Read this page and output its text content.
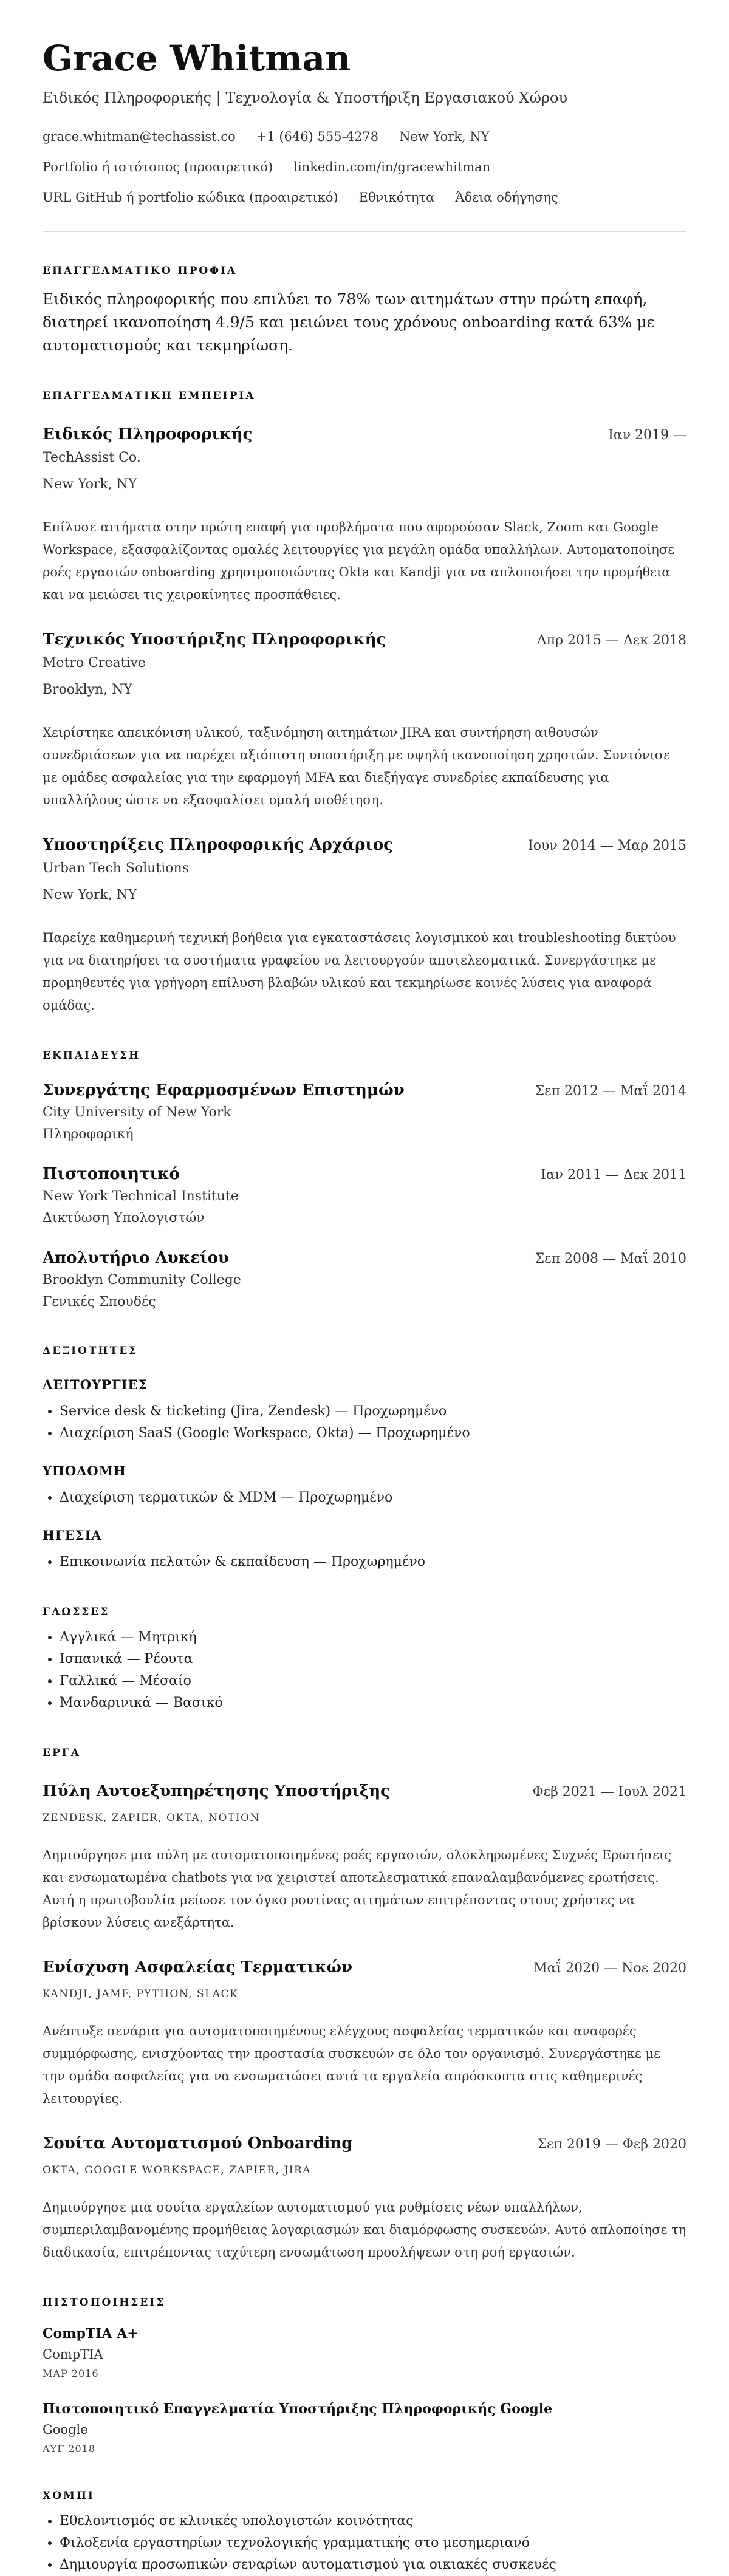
Grace Whitman
Ειδικός Πληροφορικής | Τεχνολογία & Υποστήριξη Εργασιακού Χώρου
grace.whitman@techassist.co +1 (646) 555-4278 New York, NY
Portfolio ή ιστότοπος (προαιρετικό) linkedin.com/in/gracewhitman
URL GitHub ή portfolio κώδικα (προαιρετικό) Εθνικότητα Άδεια οδήγησης
ΕΠΑΓΓΕΛΜΑΤΙΚΟ ΠΡΟΦΙΛ
Ειδικός πληροφορικής που επιλύει το 78% των αιτημάτων στην πρώτη επαφή, διατηρεί ικανοποίηση 4.9/5 και μειώνει τους χρόνους onboarding κατά 63% με αυτοματισμούς και τεκμηρίωση.
ΕΠΑΓΓΕΛΜΑΤΙΚΗ ΕΜΠΕΙΡΙΑ
Ειδικός Πληροφορικής	Ιαν 2019 —
TechAssist Co.
New York, NY
Επίλυσε αιτήματα στην πρώτη επαφή για προβλήματα που αφορούσαν Slack, Zoom και Google Workspace, εξασφαλίζοντας ομαλές λειτουργίες για μεγάλη ομάδα υπαλλήλων. Αυτοματοποίησε ροές εργασιών onboarding χρησιμοποιώντας Okta και Kandji για να απλοποιήσει την προμήθεια και να μειώσει τις χειροκίνητες προσπάθειες.
Τεχνικός Υποστήριξης Πληροφορικής	Απρ 2015 — Δεκ 2018
Metro Creative
Brooklyn, NY
Χειρίστηκε απεικόνιση υλικού, ταξινόμηση αιτημάτων JIRA και συντήρηση αιθουσών συνεδριάσεων για να παρέχει αξιόπιστη υποστήριξη με υψηλή ικανοποίηση χρηστών. Συντόνισε με ομάδες ασφαλείας για την εφαρμογή MFA και διεξήγαγε συνεδρίες εκπαίδευσης για υπαλλήλους ώστε να εξασφαλίσει ομαλή υιοθέτηση.
Υποστηρίξεις Πληροφορικής Αρχάριος	Ιουν 2014 — Μαρ 2015
Urban Tech Solutions
New York, NY
Παρείχε καθημερινή τεχνική βοήθεια για εγκαταστάσεις λογισμικού και troubleshooting δικτύου για να διατηρήσει τα συστήματα γραφείου να λειτουργούν αποτελεσματικά. Συνεργάστηκε με προμηθευτές για γρήγορη επίλυση βλαβών υλικού και τεκμηρίωσε κοινές λύσεις για αναφορά ομάδας.
ΕΚΠΑΙΔΕΥΣΗ
Συνεργάτης Εφαρμοσμένων Επιστημών	Σεπ 2012 — Μαΐ 2014
City University of New York
Πληροφορική
Πιστοποιητικό	Ιαν 2011 — Δεκ 2011
New York Technical Institute
Δικτύωση Υπολογιστών
Απολυτήριο Λυκείου	Σεπ 2008 — Μαΐ 2010
Brooklyn Community College
Γενικές Σπουδές
ΔΕΞΙΟΤΗΤΕΣ
ΛΕΙΤΟΥΡΓΙΕΣ
• Service desk & ticketing (Jira, Zendesk) — Προχωρημένο
• Διαχείριση SaaS (Google Workspace, Okta) — Προχωρημένο
ΥΠΟΔΟΜΗ
• Διαχείριση τερματικών & MDM — Προχωρημένο
ΗΓΕΣΙΑ
• Επικοινωνία πελατών & εκπαίδευση — Προχωρημένο
ΓΛΩΣΣΕΣ
• Αγγλικά — Μητρική
• Ισπανικά — Ρέουτα
• Γαλλικά — Μέσαίο
• Μανδαρινικά — Βασικό
ΕΡΓΑ
Πύλη Αυτοεξυπηρέτησης Υποστήριξης	Φεβ 2021 — Ιουλ 2021
ZENDESK, ZAPIER, OKTA, NOTION
Δημιούργησε μια πύλη με αυτοματοποιημένες ροές εργασιών, ολοκληρωμένες Συχνές Ερωτήσεις και ενσωματωμένα chatbots για να χειριστεί αποτελεσματικά επαναλαμβανόμενες ερωτήσεις. Αυτή η πρωτοβουλία μείωσε τον όγκο ρουτίνας αιτημάτων επιτρέποντας στους χρήστες να βρίσκουν λύσεις ανεξάρτητα.
Ενίσχυση Ασφαλείας Τερματικών	Μαΐ 2020 — Νοε 2020
KANDJI, JAMF, PYTHON, SLACK
Ανέπτυξε σενάρια για αυτοματοποιημένους ελέγχους ασφαλείας τερματικών και αναφορές συμμόρφωσης, ενισχύοντας την προστασία συσκευών σε όλο τον οργανισμό. Συνεργάστηκε με την ομάδα ασφαλείας για να ενσωματώσει αυτά τα εργαλεία απρόσκοπτα στις καθημερινές λειτουργίες.
Σουίτα Αυτοματισμού Onboarding	Σεπ 2019 — Φεβ 2020
OKTA, GOOGLE WORKSPACE, ZAPIER, JIRA
Δημιούργησε μια σουίτα εργαλείων αυτοματισμού για ρυθμίσεις νέων υπαλλήλων, συμπεριλαμβανομένης προμήθειας λογαριασμών και διαμόρφωσης συσκευών. Αυτό απλοποίησε τη διαδικασία, επιτρέποντας ταχύτερη ενσωμάτωση προσλήψεων στη ροή εργασιών.
ΠΙΣΤΟΠΟΙΗΣΕΙΣ
CompTIA A+
CompTIA
ΜΑΡ 2016
Πιστοποιητικό Επαγγελματία Υποστήριξης Πληροφορικής Google
Google
ΑΥΓ 2018
ΧΟΜΠΙ
• Εθελοντισμός σε κλινικές υπολογιστών κοινότητας
• Φιλοξενία εργαστηρίων τεχνολογικής γραμματικής στο μεσημεριανό
• Δημιουργία προσωπικών σεναρίων αυτοματισμού για οικιακές συσκευές
